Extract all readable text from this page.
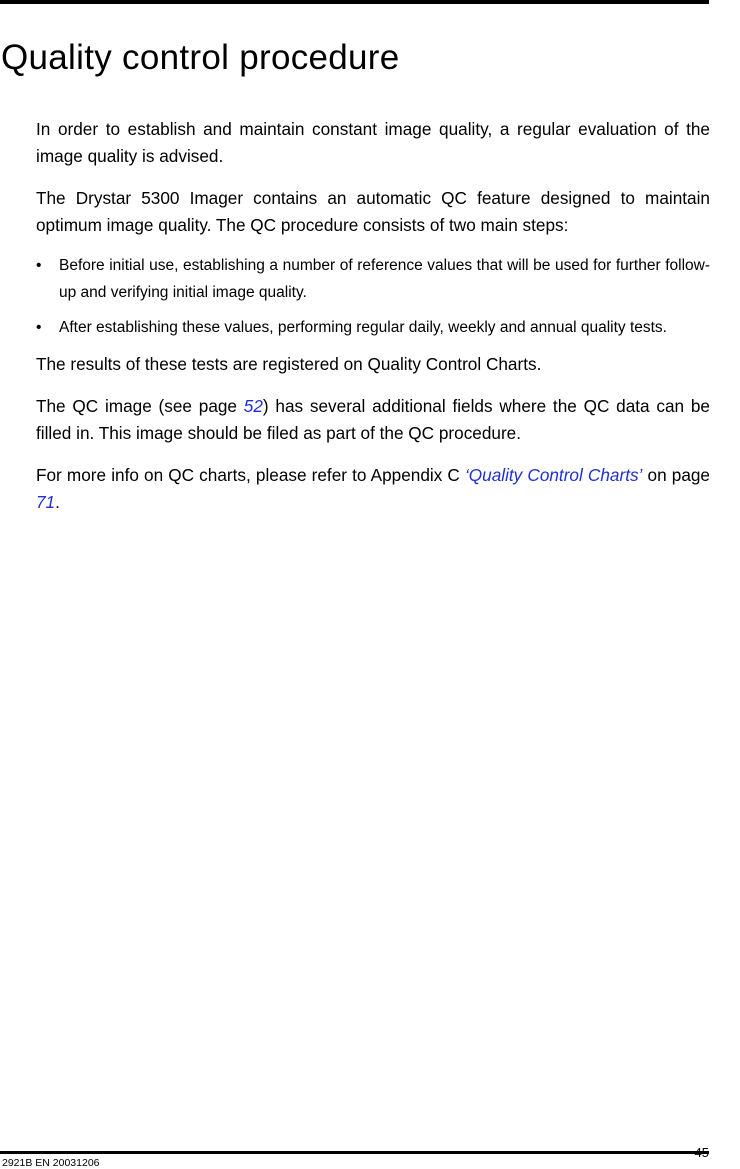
Quality control procedure

In order to establish and maintain constant image quality, a regular evaluation of the image quality is advised.

The Drystar 5300 Imager contains an automatic QC feature designed to maintain optimum image quality. The QC procedure consists of two main steps:

• Before initial use, establishing a number of reference values that will be used for further follow-up and verifying initial image quality.
• After establishing these values, performing regular daily, weekly and annual quality tests.

The results of these tests are registered on Quality Control Charts.

The QC image (see page 52) has several additional fields where the QC data can be filled in. This image should be filed as part of the QC procedure.

For more info on QC charts, please refer to Appendix C ‘Quality Control Charts’ on page 71.

2921B EN 20031206
45
